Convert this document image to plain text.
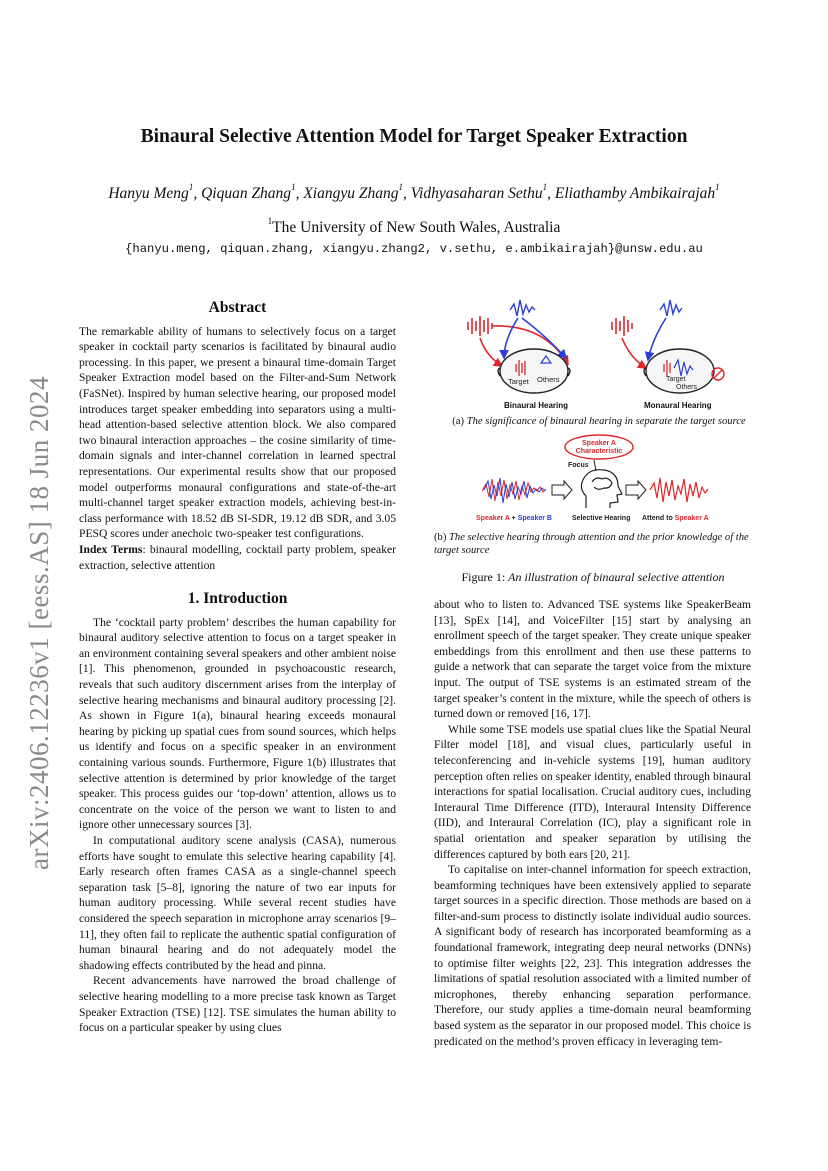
arXiv:2406.12236v1 [eess.AS] 18 Jun 2024
Binaural Selective Attention Model for Target Speaker Extraction
Hanyu Meng$^1$, Qiquan Zhang$^1$, Xiangyu Zhang$^1$, Vidhyasaharan Sethu$^1$, Eliathamby Ambikairajah$^1$
$^1$The University of New South Wales, Australia
{hanyu.meng, qiquan.zhang, xiangyu.zhang2, v.sethu, e.ambikairajah}@unsw.edu.au
Abstract

The remarkable ability of humans to selectively focus on a target speaker in cocktail party scenarios is facilitated by binaural audio processing. In this paper, we present a binaural time-domain Target Speaker Extraction model based on the Filter-and-Sum Network (FaSNet). Inspired by human selective hearing, our proposed model introduces target speaker embedding into separators using a multi-head attention-based selective attention block. We also compared two binaural interaction approaches – the cosine similarity of time-domain signals and inter-channel correlation in learned spectral representations. Our experimental results show that our proposed model outperforms monaural configurations and state-of-the-art multi-channel target speaker extraction models, achieving best-in-class performance with 18.52 dB SI-SDR, 19.12 dB SDR, and 3.05 PESQ scores under anechoic two-speaker test configurations.

Index Terms: binaural modelling, cocktail party problem, speaker extraction, selective attention

1. Introduction

The ‘cocktail party problem’ describes the human capability for binaural auditory selective attention to focus on a target speaker in an environment containing several speakers and other ambient noise [1]. This phenomenon, grounded in psychoacoustic research, reveals that such auditory discernment arises from the interplay of selective hearing mechanisms and binaural auditory processing [2]. As shown in Figure 1(a), binaural hearing exceeds monaural hearing by picking up spatial cues from sound sources, which helps us identify and focus on a specific speaker in an environment containing various sounds. Furthermore, Figure 1(b) illustrates that selective attention is determined by prior knowledge of the target speaker. This process guides our ‘top-down’ attention, allows us to concentrate on the voice of the person we want to listen to and ignore other unnecessary sources [3].

In computational auditory scene analysis (CASA), numerous efforts have sought to emulate this selective hearing capability [4]. Early research often frames CASA as a single-channel speech separation task [5–8], ignoring the nature of two ear inputs for human auditory processing. While several recent studies have considered the speech separation in microphone array scenarios [9–11], they often fail to replicate the authentic spatial configuration of human binaural hearing and do not adequately model the shadowing effects contributed by the head and pinna.

Recent advancements have narrowed the broad challenge of selective hearing modelling to a more precise task known as Target Speaker Extraction (TSE) [12]. TSE simulates the human ability to focus on a particular speaker by using clues

Target Others
Binaural Hearing
Target
Others
Monaural Hearing
Speaker A
Characteristic
Focus
Speaker A + Speaker B	Selective Hearing Attend to Speaker A
(a) The significance of binaural hearing in separate the target source
(b) The selective hearing through attention and the prior knowledge of the target source
Figure 1: An illustration of binaural selective attention

about who to listen to. Advanced TSE systems like SpeakerBeam [13], SpEx [14], and VoiceFilter [15] start by analysing an enrollment speech of the target speaker. They create unique speaker embeddings from this enrollment and then use these patterns to guide a network that can separate the target voice from the mixture input. The output of TSE systems is an estimated stream of the target speaker’s content in the mixture, while the speech of others is turned down or removed [16, 17].

While some TSE models use spatial clues like the Spatial Neural Filter model [18], and visual clues, particularly useful in teleconferencing and in-vehicle systems [19], human auditory perception often relies on speaker identity, enabled through binaural interactions for spatial localisation. Crucial auditory cues, including Interaural Time Difference (ITD), Interaural Intensity Difference (IID), and Interaural Correlation (IC), play a significant role in spatial orientation and speaker separation by utilising the differences captured by both ears [20, 21].

To capitalise on inter-channel information for speech extraction, beamforming techniques have been extensively applied to separate target sources in a specific direction. Those methods are based on a filter-and-sum process to distinctly isolate individual audio sources. A significant body of research has incorporated beamforming as a foundational framework, integrating deep neural networks (DNNs) to optimise filter weights [22, 23]. This integration addresses the limitations of spatial resolution associated with a limited number of microphones, thereby enhancing separation performance. Therefore, our study applies a time-domain neural beamforming based system as the separator in our proposed model. This choice is predicated on the method’s proven efficacy in leveraging tem-
